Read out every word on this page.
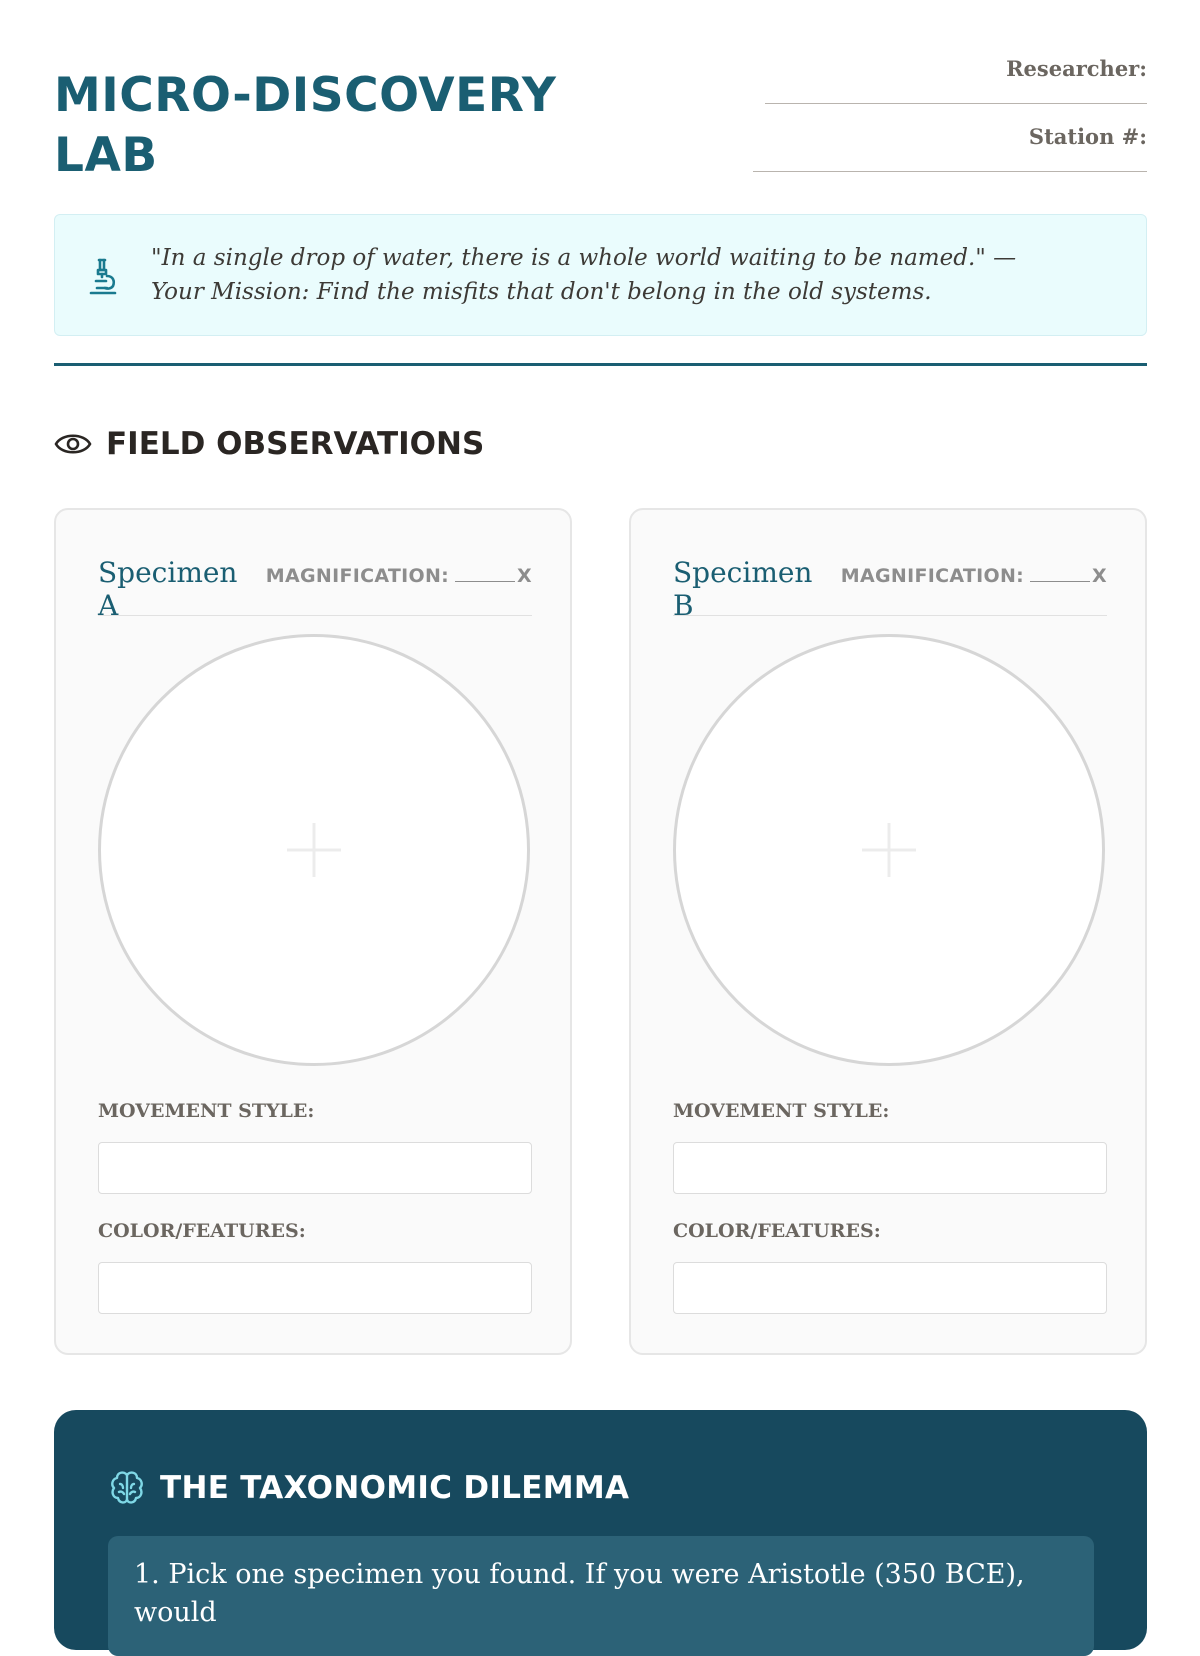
MICRO-DISCOVERY
LAB
Researcher:
Station #:

"In a single drop of water, there is a whole world waiting to be named." — Your Mission: Find the misfits that don't belong in the old systems.

FIELD OBSERVATIONS
Specimen A
MAGNIFICATION:	X
MOVEMENT STYLE:
COLOR/FEATURES:
Specimen B
MAGNIFICATION:	X
MOVEMENT STYLE:
COLOR/FEATURES:
THE TAXONOMIC DILEMMA

1. Pick one specimen you found. If you were Aristotle (350 BCE), would
